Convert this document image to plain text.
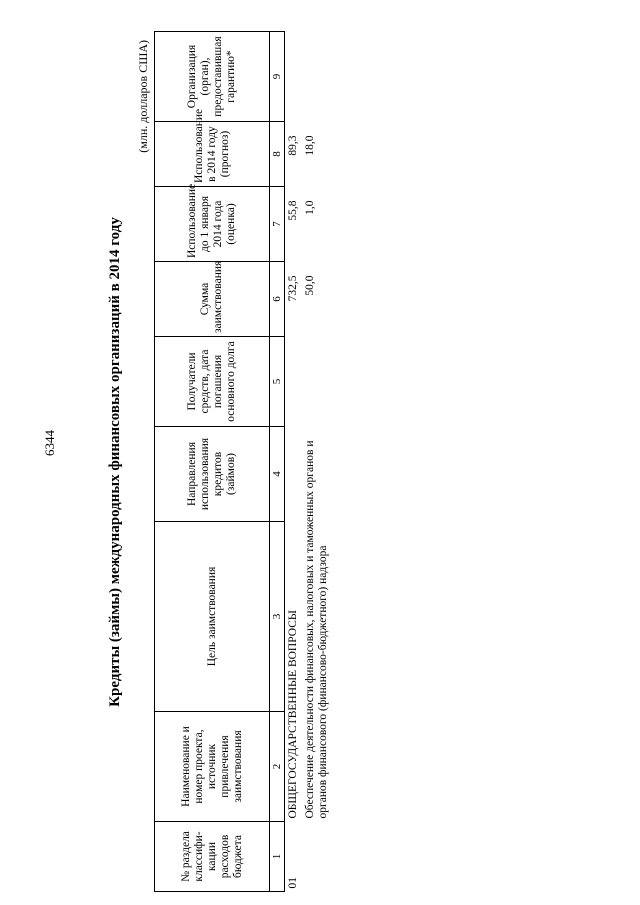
6344	Кредиты (займы) международных финансовых организаций в 2014 году
(млн. долларов США)
№ раздела классифи- кации расходов бюджета	Наименование и номер проекта, источник привлечения заимствования	Цель заимствования	Направления использования кредитов (займов)	Получатели средств, дата погашения основного долга	Сумма заимствования	Использование до 1 января 2014 года (оценка)	Использование в 2014 году (прогноз)	Организация (орган), предоставившая гарантию*
1	2	3	4	5	6	7	8	9
01	ОБЩЕГОСУДАРСТВЕННЫЕ ВОПРОСЫ				732,5	55,8	89,3	
	Обеспечение деятельности финансовых, налоговых и таможенных органов и органов финансового (финансово-бюджетного) надзора				50,0	1,0	18,0	
